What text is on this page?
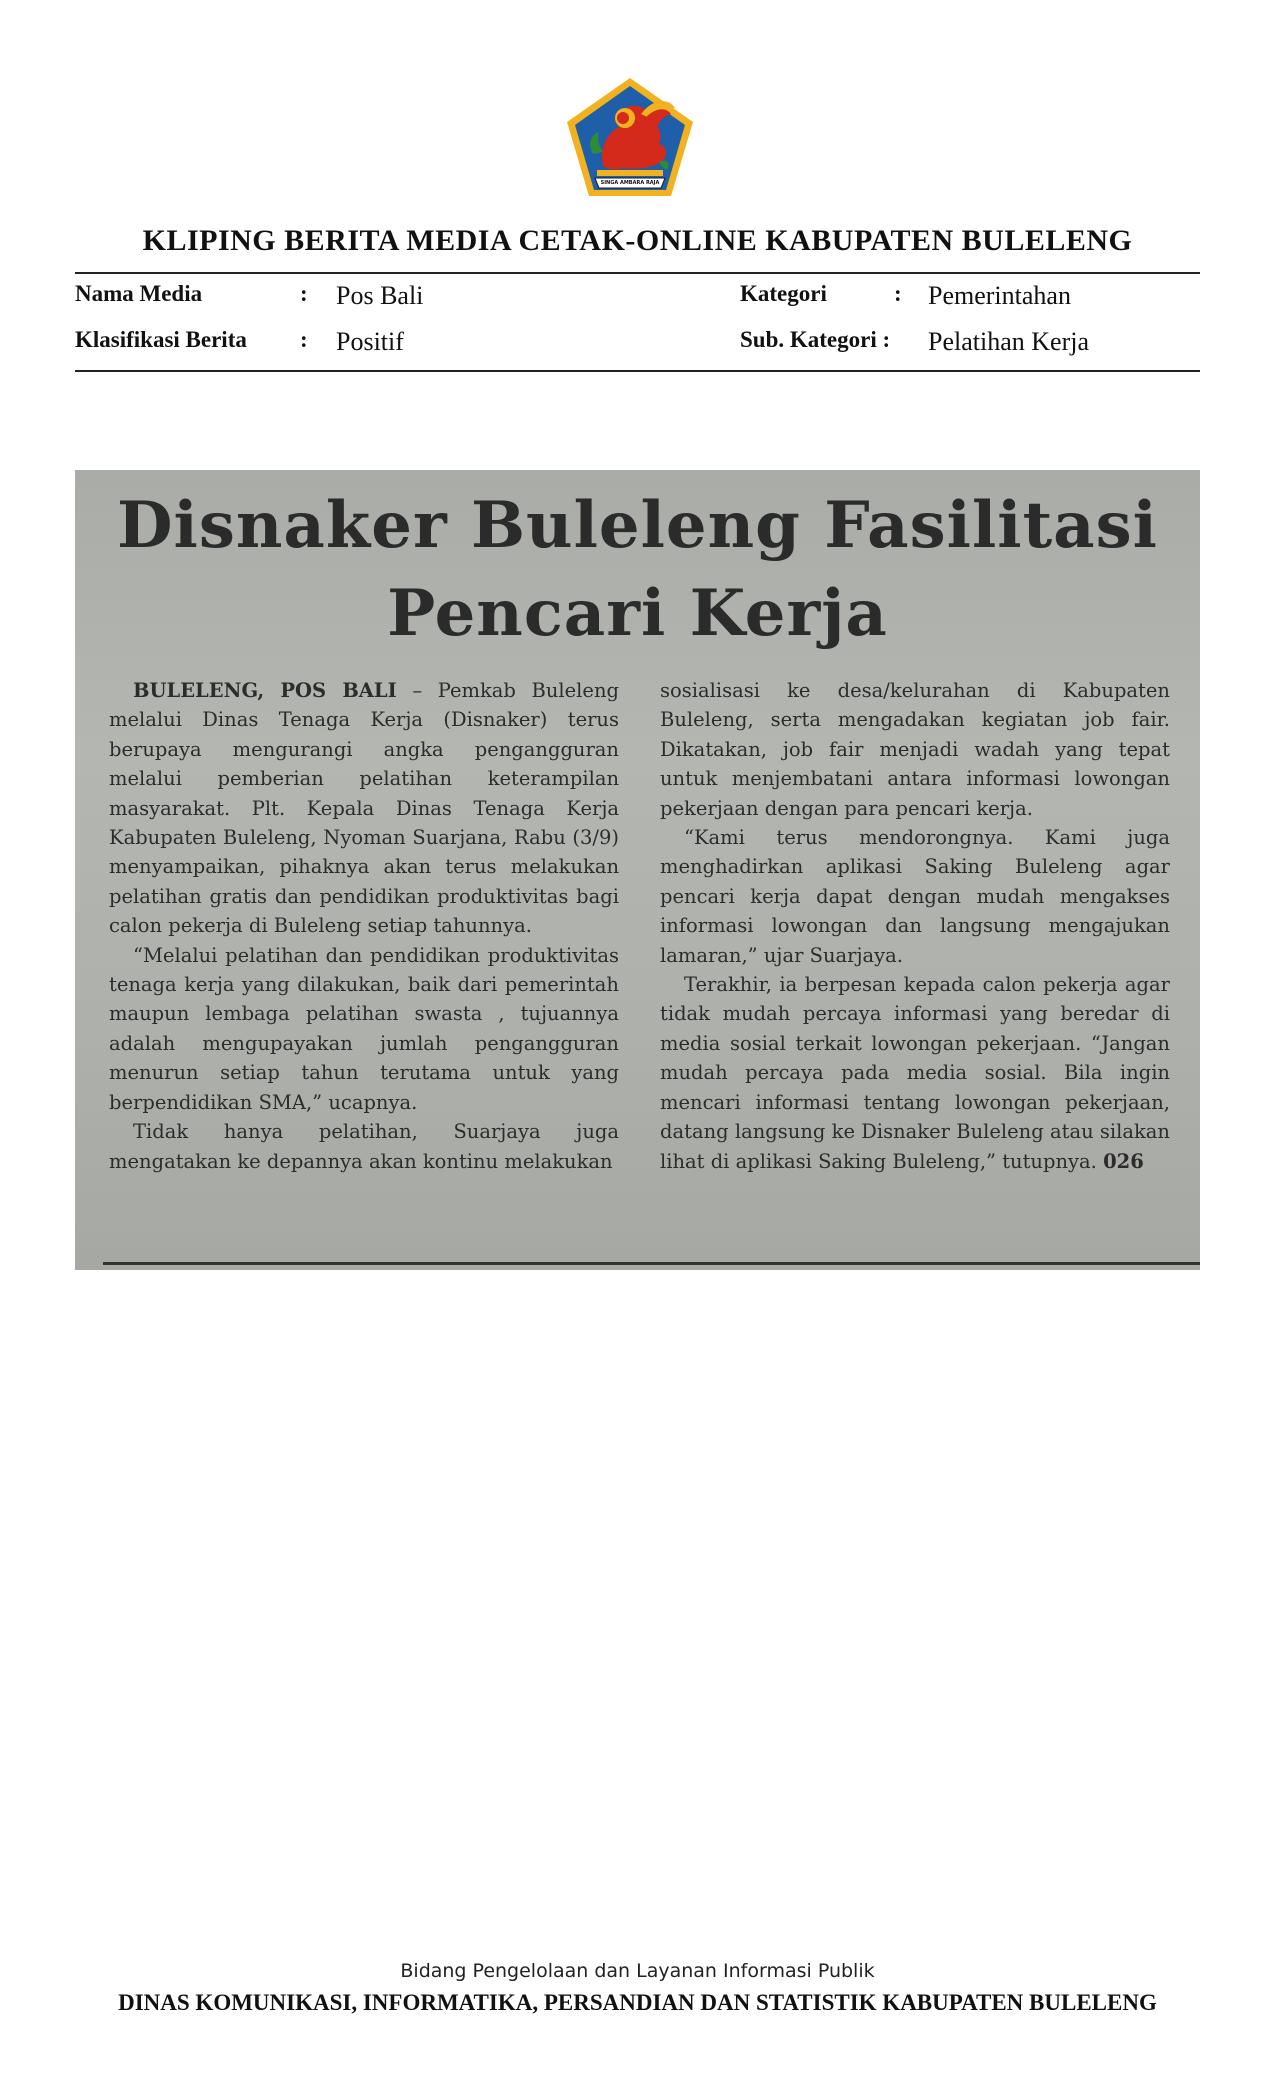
SINGA AMBARA RAJA
KLIPING BERITA MEDIA CETAK-ONLINE KABUPATEN BULELENG
Nama Media	: Pos Bali
Klasifikasi Berita : Positif
Kategori	: Pemerintahan
Sub. Kategori : Pelatihan Kerja
Disnaker Buleleng Fasilitasi
Pencari Kerja

BULELENG, POS BALI – Pemkab Buleleng melalui Dinas Tenaga Kerja (Disnaker) terus berupaya mengurangi angka pengangguran melalui pemberian pelatihan keterampilan masyarakat. Plt. Kepala Dinas Tenaga Kerja Kabupaten Buleleng, Nyoman Suarjana, Rabu (3/9) menyampaikan, pihaknya akan terus melakukan pelatihan gratis dan pendidikan produktivitas bagi calon pekerja di Buleleng setiap tahunnya.

“Melalui pelatihan dan pendidikan produktivitas tenaga kerja yang dilakukan, baik dari pemerintah maupun lembaga pelatihan swasta , tujuannya adalah mengupayakan jumlah pengangguran menurun setiap tahun terutama untuk yang berpendidikan SMA,” ucapnya.

Tidak hanya pelatihan, Suarjaya juga mengatakan ke depannya akan kontinu melakukan

sosialisasi ke desa/kelurahan di Kabupaten Buleleng, serta mengadakan kegiatan job fair. Dikatakan, job fair menjadi wadah yang tepat untuk menjembatani antara informasi lowongan pekerjaan dengan para pencari kerja.

“Kami terus mendorongnya. Kami juga menghadirkan aplikasi Saking Buleleng agar pencari kerja dapat dengan mudah mengakses informasi lowongan dan langsung mengajukan lamaran,” ujar Suarjaya.

Terakhir, ia berpesan kepada calon pekerja agar tidak mudah percaya informasi yang beredar di media sosial terkait lowongan pekerjaan. “Jangan mudah percaya pada media sosial. Bila ingin mencari informasi tentang lowongan pekerjaan, datang langsung ke Disnaker Buleleng atau silakan lihat di aplikasi Saking Buleleng,” tutupnya. 026

Bidang Pengelolaan dan Layanan Informasi Publik
DINAS KOMUNIKASI, INFORMATIKA, PERSANDIAN DAN STATISTIK KABUPATEN BULELENG
